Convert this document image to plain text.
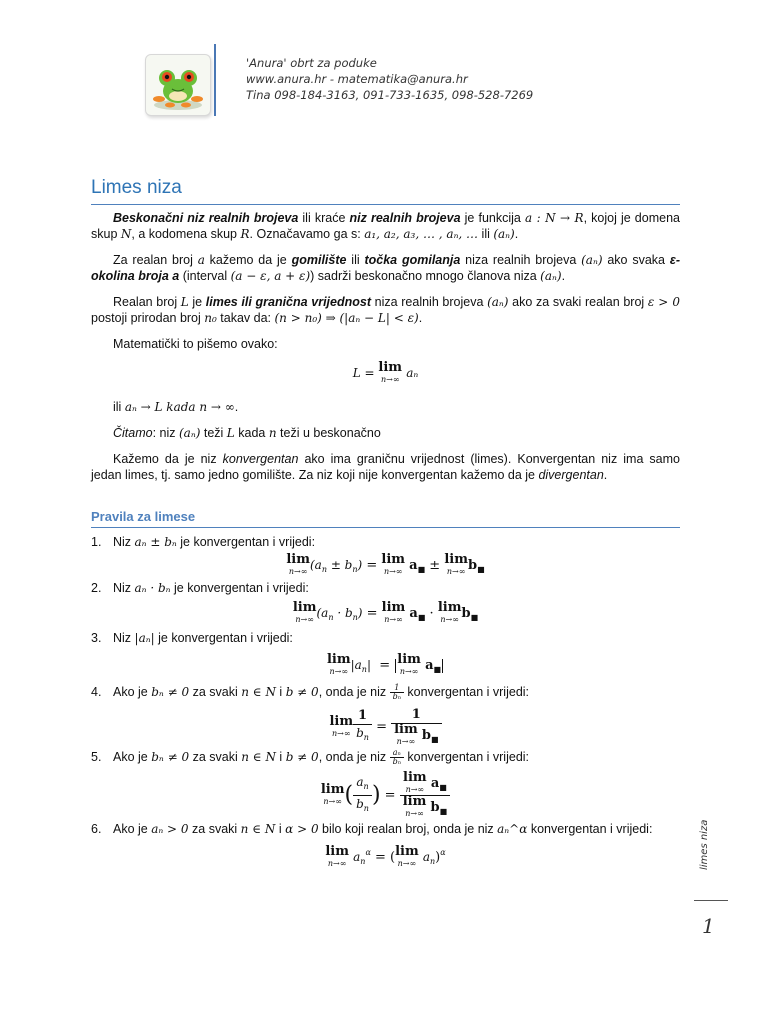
'Anura' obrt za poduke
www.anura.hr - matematika@anura.hr
Tina 098-184-3163, 091-733-1635, 098-528-7269
Limes niza

Beskonačni niz realnih brojeva ili kraće niz realnih brojeva je funkcija a : N → R, kojoj je domena skup N, a kodomena skup R. Označavamo ga s: a₁, a₂, a₃, … , aₙ, … ili (aₙ).

Za realan broj a kažemo da je gomilište ili točka gomilanja niza realnih brojeva (aₙ) ako svaka ε-okolina broja a (interval (a − ε, a + ε)) sadrži beskonačno mnogo članova niza (aₙ).

Realan broj L je limes ili granična vrijednost niza realnih brojeva (aₙ) ako za svaki realan broj ε > 0 postoji prirodan broj n₀ takav da: (n > n₀) ⇒ (|aₙ − L| < ε).

Matematički to pišemo ovako:

L = lim
n→∞ aₙ

ili aₙ → L kada n → ∞.

Čitamo: niz (aₙ) teži L kada n teži u beskonačno

Kažemo da je niz konvergentan ako ima graničnu vrijednost (limes). Konvergentan niz ima samo jedan limes, tj. samo jedno gomilište. Za niz koji nije konvergentan kažemo da je divergentan.

Pravila za limese

1. Niz aₙ ± bₙ je konvergentan i vrijedi:

lim
n→∞ $(a_n \pm b_n) = \lim$
n→∞ $a_■ \pm \lim$
n→∞ $b_■$

2. Niz aₙ · bₙ je konvergentan i vrijedi:

lim
n→∞ $(a_n \cdot b_n) = \lim$
n→∞ $a_■ \cdot \lim$
n→∞ $b_■$

3. Niz |aₙ| je konvergentan i vrijedi:

lim
n→∞ $|a_n| = \lim$
n→∞ $a_■$

4. Ako je bₙ ≠ 0 za svaki n ∈ N i b ≠ 0, onda je niz $\frac{1}{\text{bₙ}}$ konvergentan i vrijedi:

lim
$n\to\infty \frac{1}{b_n}$ =
1
lim
n→∞ $b_■$

5. Ako je bₙ ≠ 0 za svaki n ∈ N i b ≠ 0, onda je niz $\frac{\text{aₙ}}{\text{bₙ}}$ konvergentan i vrijedi:

lim
n→∞ ( $\frac{a_n}{b_n}$ ) =
lim
n→∞ $a_■$
lim
n→∞ $b_■$

6. Ako je aₙ > 0 za svaki n ∈ N i α > 0 bilo koji realan broj, onda je niz aₙ^α konvergentan i vrijedi:

lim
n→∞ $a_n^\alpha = (\lim$
n→∞ $a_n)^\alpha$	limes niza
1
